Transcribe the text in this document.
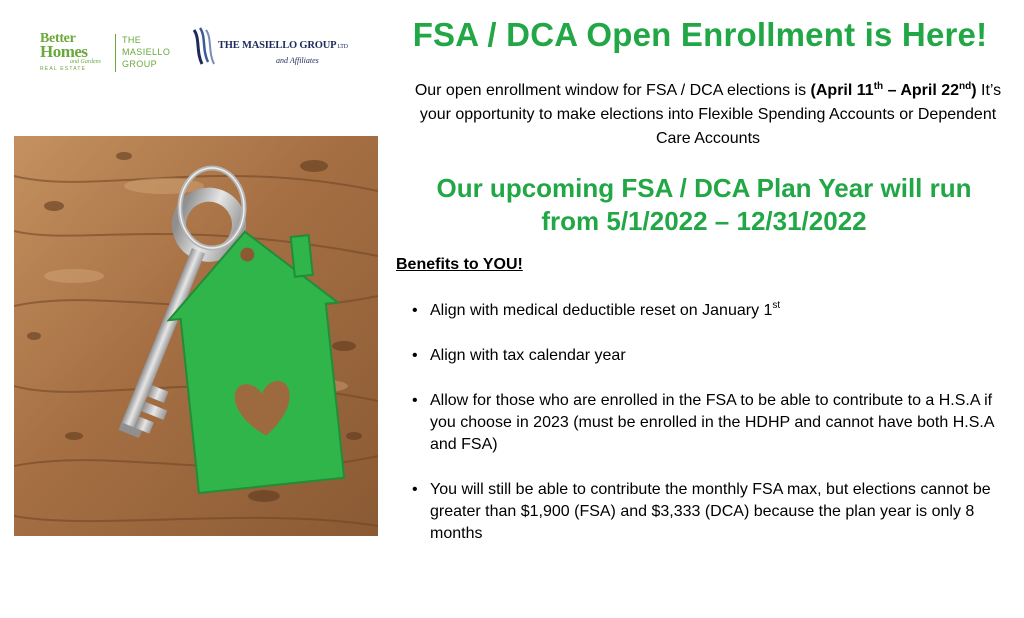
Better
Homes
and Gardens
REAL ESTATE
THE
MASIELLO
GROUP
THE MASIELLO GROUPLTD
and Affiliates
FSA / DCA Open Enrollment is Here!
Our open enrollment window for FSA / DCA elections is (April 11th – April 22nd) It’s your opportunity to make elections into Flexible Spending Accounts or Dependent Care Accounts
Our upcoming FSA / DCA Plan Year will run
from 5/1/2022 – 12/31/2022
Benefits to YOU!
• Align with medical deductible reset on January 1st
• Align with tax calendar year
• Allow for those who are enrolled in the FSA to be able to contribute to a H.S.A if you choose in 2023 (must be enrolled in the HDHP and cannot have both H.S.A and FSA)
• You will still be able to contribute the monthly FSA max, but elections cannot be greater than $1,900 (FSA) and $3,333 (DCA) because the plan year is only 8 months
